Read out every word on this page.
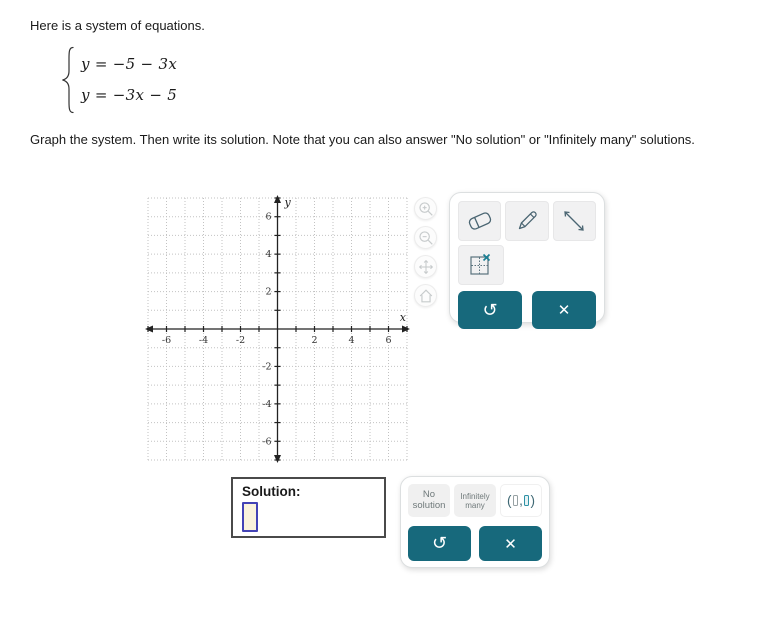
Here is a system of equations.
y = −5 − 3x
y = −3x − 5
Graph the system. Then write its solution. Note that you can also answer "No solution" or "Infinitely many" solutions.
-6
-6
-4
-4
-2
-2
2
2
4
4
6
6
x
y
↺	✕
Solution:	No solution
Infinitely many	( , )
↺	✕
